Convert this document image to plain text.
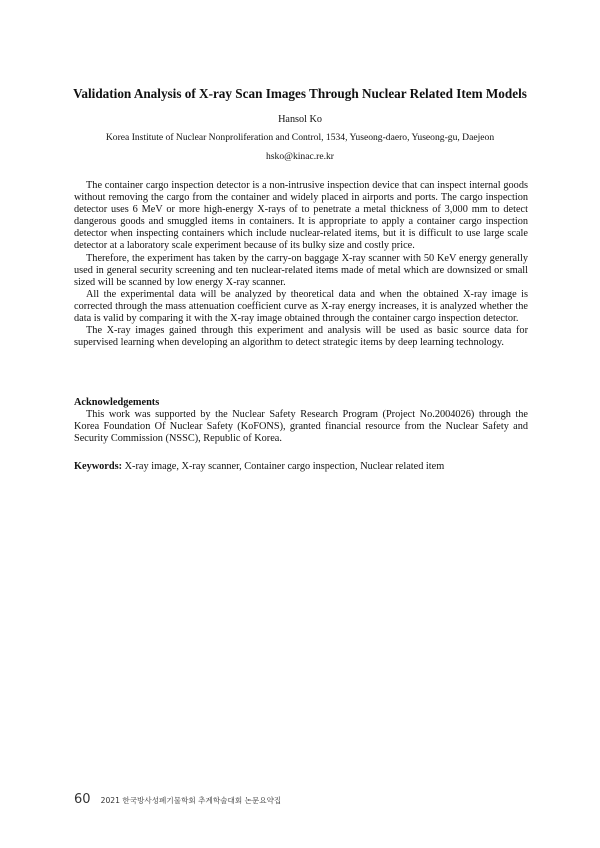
Validation Analysis of X-ray Scan Images Through Nuclear Related Item Models
Hansol Ko
Korea Institute of Nuclear Nonproliferation and Control, 1534, Yuseong-daero, Yuseong-gu, Daejeon
hsko@kinac.re.kr

The container cargo inspection detector is a non-intrusive inspection device that can inspect internal goods without removing the cargo from the container and widely placed in airports and ports. The cargo inspection detector uses 6 MeV or more high-energy X-rays of to penetrate a metal thickness of 3,000 mm to detect dangerous goods and smuggled items in containers. It is appropriate to apply a container cargo inspection detector when inspecting containers which include nuclear-related items, but it is difficult to use large scale detector at a laboratory scale experiment because of its bulky size and costly price.

Therefore, the experiment has taken by the carry-on baggage X-ray scanner with 50 KeV energy generally used in general security screening and ten nuclear-related items made of metal which are downsized or small sized will be scanned by low energy X-ray scanner.

All the experimental data will be analyzed by theoretical data and when the obtained X-ray image is corrected through the mass attenuation coefficient curve as X-ray energy increases, it is analyzed whether the data is valid by comparing it with the X-ray image obtained through the container cargo inspection detector.

The X-ray images gained through this experiment and analysis will be used as basic source data for supervised learning when developing an algorithm to detect strategic items by deep learning technology.

Acknowledgements

This work was supported by the Nuclear Safety Research Program (Project No.2004026) through the Korea Foundation Of Nuclear Safety (KoFONS), granted financial resource from the Nuclear Safety and Security Commission (NSSC), Republic of Korea.

Keywords: X-ray image, X-ray scanner, Container cargo inspection, Nuclear related item
60 2021 한국방사성폐기물학회 추계학술대회 논문요약집
